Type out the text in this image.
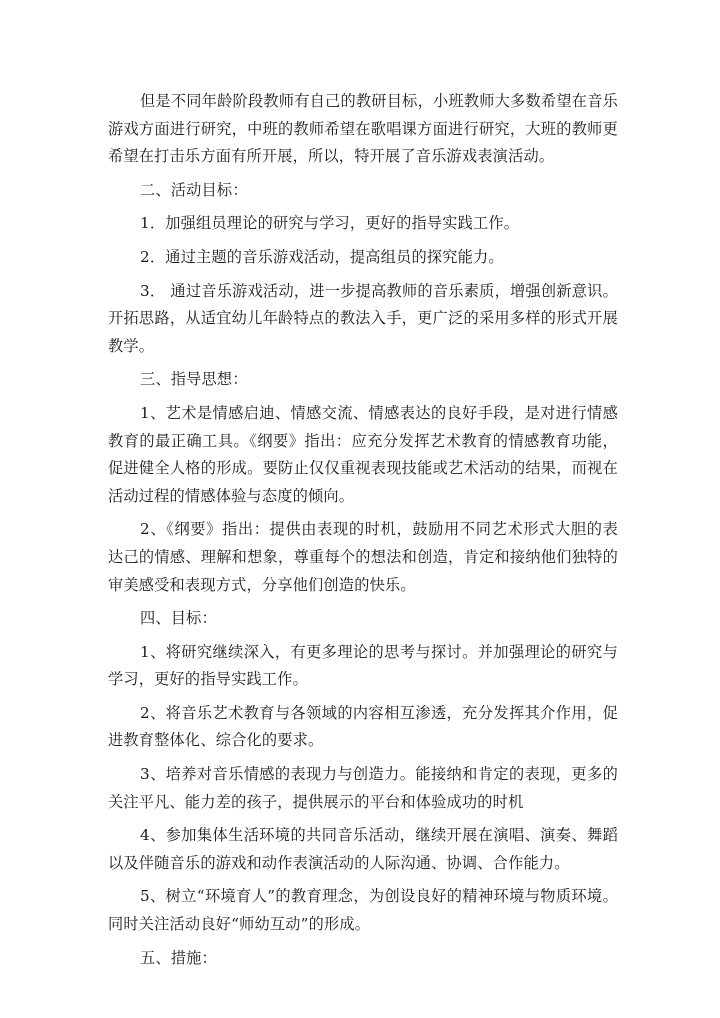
但是不同年龄阶段教师有自己的教研目标，小班教师大多数希望在音乐游戏方面进行研究，中班的教师希望在歌唱课方面进行研究，大班的教师更希望在打击乐方面有所开展，所以，特开展了音乐游戏表演活动。

二、活动目标：

1．加强组员理论的研究与学习，更好的指导实践工作。

2．通过主题的音乐游戏活动，提高组员的探究能力。

3． 通过音乐游戏活动，进一步提高教师的音乐素质，增强创新意识。开拓思路，从适宜幼儿年龄特点的教法入手，更广泛的采用多样的形式开展教学。

三、指导思想：

1、艺术是情感启迪、情感交流、情感表达的良好手段，是对进行情感教育的最正确工具。《纲要》指出：应充分发挥艺术教育的情感教育功能，促进健全人格的形成。要防止仅仅重视表现技能或艺术活动的结果，而视在活动过程的情感体验与态度的倾向。

2、《纲要》指出：提供由表现的时机，鼓励用不同艺术形式大胆的表达己的情感、理解和想象，尊重每个的想法和创造，肯定和接纳他们独特的审美感受和表现方式，分享他们创造的快乐。

四、目标：

1、将研究继续深入，有更多理论的思考与探讨。并加强理论的研究与学习，更好的指导实践工作。

2、将音乐艺术教育与各领域的内容相互渗透，充分发挥其介作用，促进教育整体化、综合化的要求。

3、培养对音乐情感的表现力与创造力。能接纳和肯定的表现，更多的关注平凡、能力差的孩子，提供展示的平台和体验成功的时机

4、参加集体生活环境的共同音乐活动，继续开展在演唱、演奏、舞蹈以及伴随音乐的游戏和动作表演活动的人际沟通、协调、合作能力。

5、树立“环境育人”的教育理念，为创设良好的精神环境与物质环境。同时关注活动良好“师幼互动”的形成。

五、措施：
